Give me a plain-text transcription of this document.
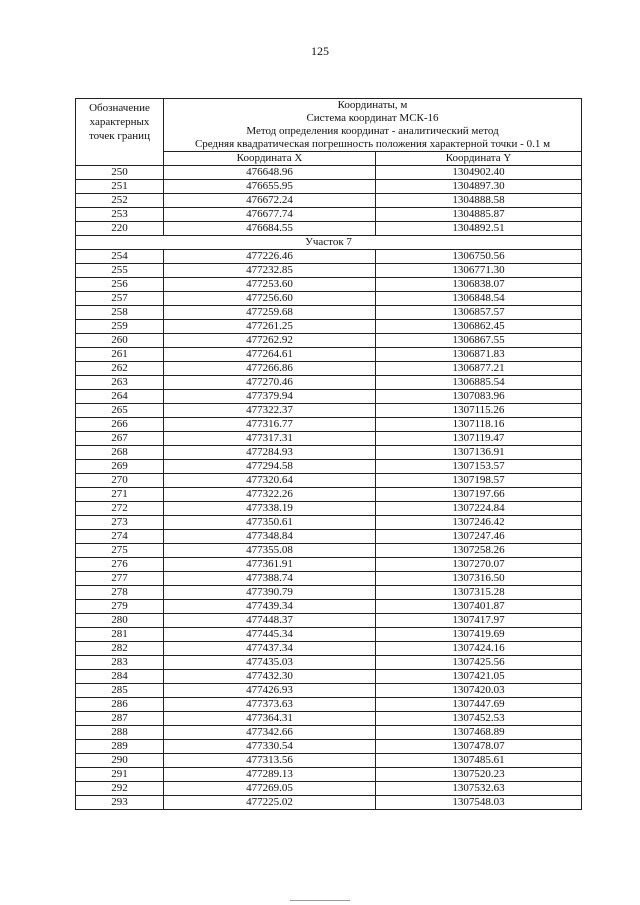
125
Обозначение характерных точек границ	Координаты, м
Система координат МСК-16
Метод определения координат - аналитический метод
Средняя квадратическая погрешность положения характерной точки - 0.1 м	

	Координата X	Координата Y
250	476648.96	1304902.40
251	476655.95	1304897.30
252	476672.24	1304888.58
253	476677.74	1304885.87
220	476684.55	1304892.51
Участок 7		
254	477226.46	1306750.56
255	477232.85	1306771.30
256	477253.60	1306838.07
257	477256.60	1306848.54
258	477259.68	1306857.57
259	477261.25	1306862.45
260	477262.92	1306867.55
261	477264.61	1306871.83
262	477266.86	1306877.21
263	477270.46	1306885.54
264	477379.94	1307083.96
265	477322.37	1307115.26
266	477316.77	1307118.16
267	477317.31	1307119.47
268	477284.93	1307136.91
269	477294.58	1307153.57
270	477320.64	1307198.57
271	477322.26	1307197.66
272	477338.19	1307224.84
273	477350.61	1307246.42
274	477348.84	1307247.46
275	477355.08	1307258.26
276	477361.91	1307270.07
277	477388.74	1307316.50
278	477390.79	1307315.28
279	477439.34	1307401.87
280	477448.37	1307417.97
281	477445.34	1307419.69
282	477437.34	1307424.16
283	477435.03	1307425.56
284	477432.30	1307421.05
285	477426.93	1307420.03
286	477373.63	1307447.69
287	477364.31	1307452.53
288	477342.66	1307468.89
289	477330.54	1307478.07
290	477313.56	1307485.61
291	477289.13	1307520.23
292	477269.05	1307532.63
293	477225.02	1307548.03
